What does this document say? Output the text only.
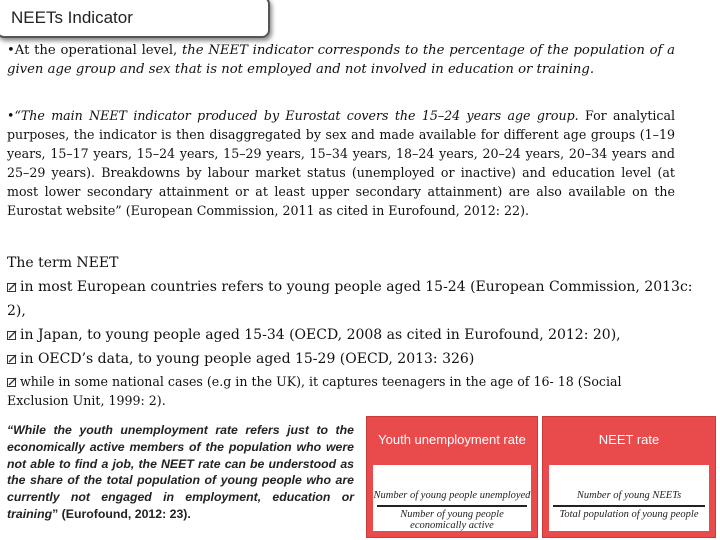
NEETs Indicator

•At the operational level, the NEET indicator corresponds to the percentage of the population of a given age group and sex that is not employed and not involved in education or training.

•“The main NEET indicator produced by Eurostat covers the 15–24 years age group. For analytical purposes, the indicator is then disaggregated by sex and made available for different age groups (1–19 years, 15–17 years, 15–24 years, 15–29 years, 15–34 years, 18–24 years, 20–24 years, 20–34 years and 25–29 years). Breakdowns by labour market status (unemployed or inactive) and education level (at most lower secondary attainment or at least upper secondary attainment) are also available on the Eurostat website” (European Commission, 2011 as cited in Eurofound, 2012: 22).

The term NEET
in most European countries refers to young people aged 15-24 (European Commission, 2013c: 2),
in Japan, to young people aged 15-34 (OECD, 2008 as cited in Eurofound, 2012: 20),
in OECD’s data, to young people aged 15-29 (OECD, 2013: 326)

while in some national cases (e.g in the UK), it captures teenagers in the age of 16- 18 (Social Exclusion Unit, 1999: 2).

“While the youth unemployment rate refers just to the economically active members of the population who were not able to find a job, the NEET rate can be understood as the share of the total population of young people who are currently not engaged in employment, education or training” (Eurofound, 2012: 23).

Youth unemployment rate
Number of young people unemployed
Number of young people economically active
NEET rate
Number of young NEETs
Total population of young people
